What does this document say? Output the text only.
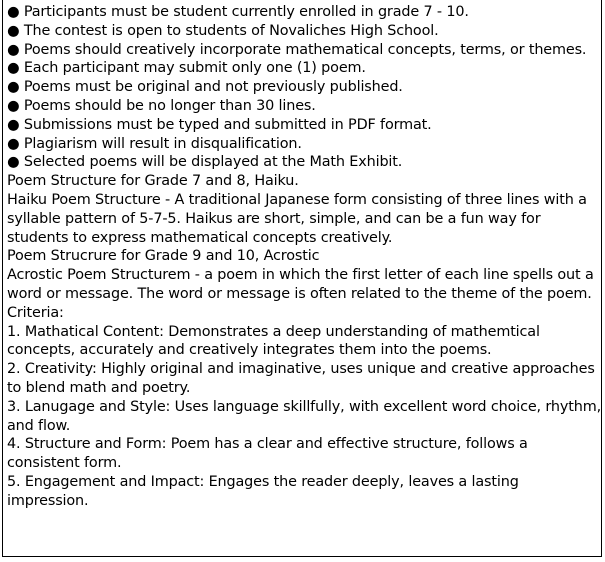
● Participants must be student currently enrolled in grade 7 - 10.
● The contest is open to students of Novaliches High School.
● Poems should creatively incorporate mathematical concepts, terms, or themes.
● Each participant may submit only one (1) poem.
● Poems must be original and not previously published.
● Poems should be no longer than 30 lines.
● Submissions must be typed and submitted in PDF format.
● Plagiarism will result in disqualification.
● Selected poems will be displayed at the Math Exhibit.
Poem Structure for Grade 7 and 8, Haiku.
Haiku Poem Structure - A traditional Japanese form consisting of three lines with a syllable pattern of 5-7-5. Haikus are short, simple, and can be a fun way for students to express mathematical concepts creatively.
Poem Strucrure for Grade 9 and 10, Acrostic
Acrostic Poem Structurem - a poem in which the first letter of each line spells out a word or message. The word or message is often related to the theme of the poem.
Criteria:
1. Mathatical Content: Demonstrates a deep understanding of mathemtical concepts, accurately and creatively integrates them into the poems.
2. Creativity: Highly original and imaginative, uses unique and creative approaches to blend math and poetry.
3. Lanugage and Style: Uses language skillfully, with excellent word choice, rhythm, and flow.
4. Structure and Form: Poem has a clear and effective structure, follows a consistent form.
5. Engagement and Impact: Engages the reader deeply, leaves a lasting impression.
